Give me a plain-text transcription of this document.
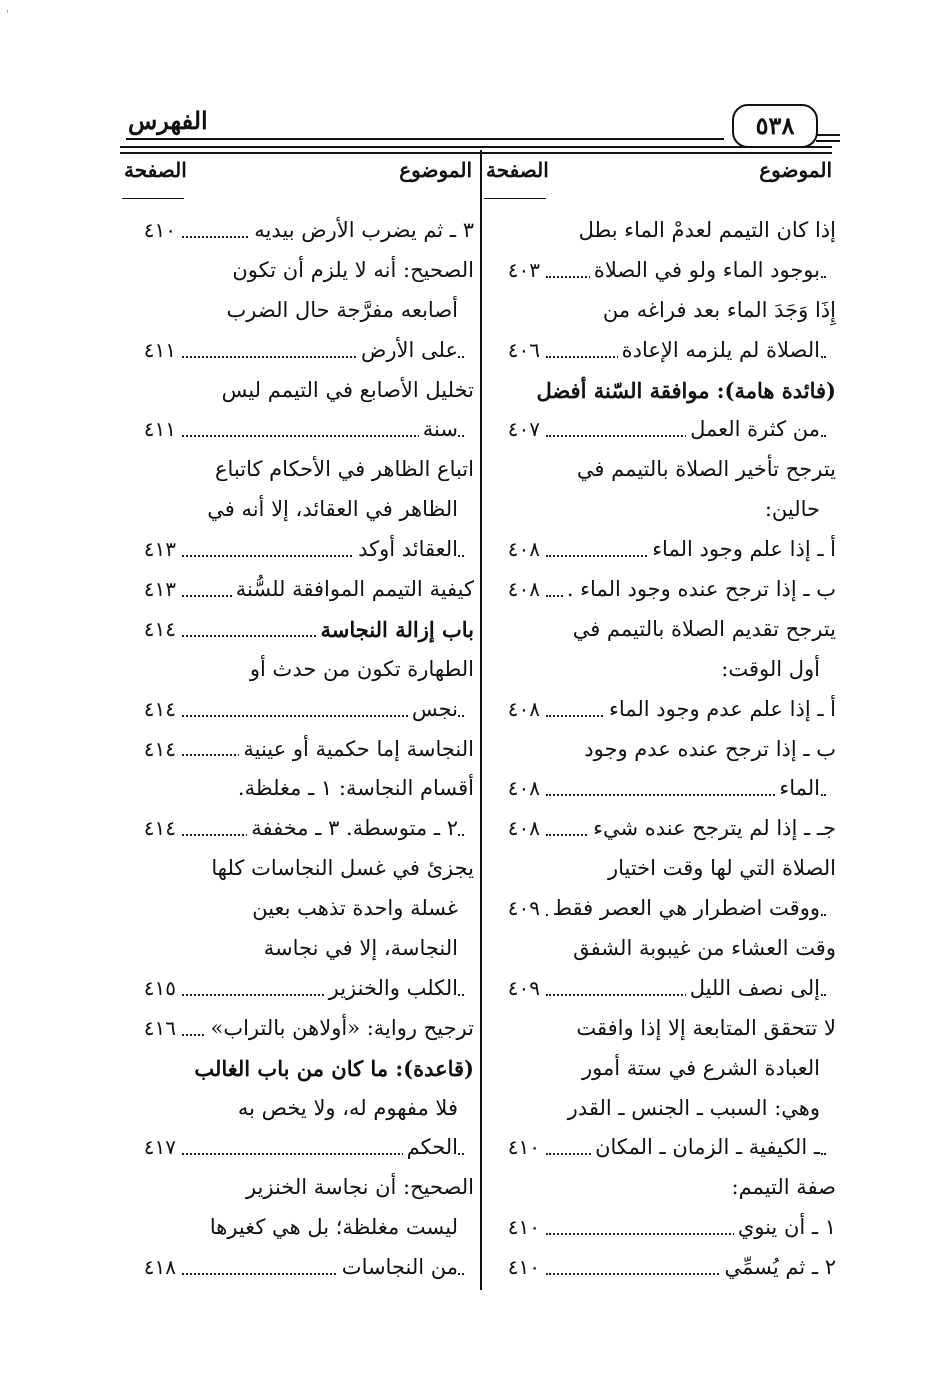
ˈ
الفهرس	٥٣٨
الموضوع
الصفحة
الموضوع
الصفحة
إذا كان التيمم لعدمْ الماء بطل
بوجود الماء ولو في الصلاة
٤٠٣
إِذَا وَجَدَ الماء بعد فراغه من
الصلاة لم يلزمه الإعادة
٤٠٦
(فائدة هامة): موافقة السّنة أفضل
من كثرة العمل
٤٠٧
يترجح تأخير الصلاة بالتيمم في
حالين:
أ ـ إذا علم وجود الماء
٤٠٨
ب ـ إذا ترجح عنده وجود الماء .
٤٠٨
يترجح تقديم الصلاة بالتيمم في
أول الوقت:
أ ـ إذا علم عدم وجود الماء
٤٠٨
ب ـ إذا ترجح عنده عدم وجود
الماء
٤٠٨
جـ ـ إذا لم يترجح عنده شيء
٤٠٨
الصلاة التي لها وقت اختيار
ووقت اضطرار هي العصر فقط
٤٠٩
وقت العشاء من غيبوبة الشفق
إلى نصف الليل
٤٠٩
لا تتحقق المتابعة إلا إذا وافقت
العبادة الشرع في ستة أمور
وهي: السبب ـ الجنس ـ القدر
ـ الكيفية ـ الزمان ـ المكان
٤١٠
صفة التيمم:
١ ـ أن ينوي
٤١٠
٢ ـ ثم يُسمِّي
٤١٠
٣ ـ ثم يضرب الأرض بيديه
٤١٠
الصحيح: أنه لا يلزم أن تكون
أصابعه مفرَّجة حال الضرب
على الأرض
٤١١
تخليل الأصابع في التيمم ليس
سنة
٤١١
اتباع الظاهر في الأحكام كاتباع
الظاهر في العقائد، إلا أنه في
العقائد أوكد
٤١٣
كيفية التيمم الموافقة للسُّنة
٤١٣
باب إزالة النجاسة
٤١٤
الطهارة تكون من حدث أو
نجس
٤١٤
النجاسة إما حكمية أو عينية
٤١٤
أقسام النجاسة: ١ ـ مغلظة.
٢ ـ متوسطة. ٣ ـ مخففة
٤١٤
يجزئ في غسل النجاسات كلها
غسلة واحدة تذهب بعين
النجاسة، إلا في نجاسة
الكلب والخنزير
٤١٥
ترجيح رواية: «أولاهن بالتراب»
٤١٦
(قاعدة): ما كان من باب الغالب
فلا مفهوم له، ولا يخص به
الحكم
٤١٧
الصحيح: أن نجاسة الخنزير
ليست مغلظة؛ بل هي كغيرها
من النجاسات
٤١٨
